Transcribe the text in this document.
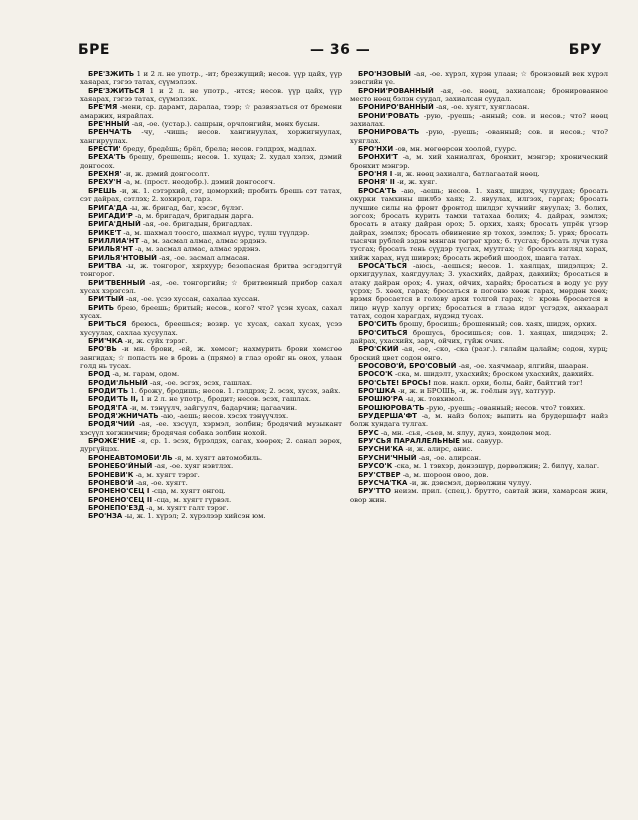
БРЕ	— 36 —	БРУ

БРЕ'ЗЖИТЬ 1 и 2 л. не употр., -ит; брезжущий; несов. үүр цайх, үүр хаяарах, гэгээ татах, сүүмэлзэх.

БРЕ'ЗЖИТЬСЯ 1 и 2 л. не употр., -ится; несов. үүр цайх, үүр хаяарах, гэгээ татах, сүүмэлзэх.

БРЕ'МЯ -мени, ср. дарамт, даралаа, тээр; ☆ развязаться от бремени амаржих, нярайлах.

БРЕ'ННЫЙ -ая, -ое. (устар.). сашрын, орчлонгийн, мөнх бусын.

БРЕНЧА'ТЬ -чу, -чишь; несов. хангинуулах, хоржигнуулах, хангируулах.

БРЕСТИ' бреду, бредёшь; брёл, брела; несов. гэлдрэх, мадлах.

БРЕХА'ТЬ брешу, брешешь; несов. 1. хуцах; 2. худал хэлэх, дэмий донгосох.

БРЕХНЯ' -и, ж. дэмий донгосолт.

БРЕХУ'Н -а, м. (прост. неодобр.). дэмий донгосогч.

БРЕШЬ -и, ж. 1. сэтэрхий, сэт, цоморхий; пробить брешь сэт татах, сэт дайрах, сэтлэх; 2. хохирол, гарз.

БРИГА'ДА -ы, ж. бригад, баг, хэсэг, бүлэг.

БРИГАДИ'Р -а, м. бригадач, бригадын дарга.

БРИГА'ДНЫЙ -ая, -ое. бригадын, бригадлах.

БРИКЕ'Т -а, м. шахмал тоосго, шахмал нүүрс, түлш түүлдэр.

БРИЛЛИА'НТ -а, м. засмал алмас, алмас эрдэнэ.

БРИЛЬЯ'НТ -а, м. засмал алмас, алмас эрдэнэ.

БРИЛЬЯ'НТОВЫЙ -ая, -ое. засмал алмасан.

БРИ'ТВА -ы, ж. тонгорог, хярхуур; безопасная бритва эсгэдэггүй тонгорог.

БРИ'ТВЕННЫЙ -ая, -ое. тонгоргийн; ☆ бритвенный прибор сахал хусах хэрэгсэл.

БРИ'ТЫЙ -ая, -ое. үсээ хуссан, сахалаа хуссан.

БРИТЬ брею, бреешь; бритый; несов., кого? что? үсэн хусах, сахал хусах.

БРИ'ТЬСЯ бреюсь, бреешься; возвр. үс хусах, сахал хусах, үсээ хусуулах, сахлаа хусуулах.

БРИ'ЧКА -и, ж. суйх тэрэг.

БРО'ВЬ -и мн. брови, -ей, ж. хөмсөг; нахмурить брови хөмсгөө зангидах; ☆ попасть не в бровь а (прямо) в глаз оройг нь онох, улаан голд нь тусах.

БРОД -а, м. гарам, одом.

БРОДИ'ЛЬНЫЙ -ая, -ое. эсгэх, эсэх, гашлах.

БРОДИ'ТЬ 1. брожу, бродишь; несов. 1. гэлдрэх; 2. эсэх, хусэх, зайх.

БРОДИ'ТЬ II, 1 и 2 л. не употр., бродит; несов. эсэх, гашлах.

БРОДЯ'ГА -и, м. тэнүүлч, зайгуулч, бадарчин; цагаачин.

БРОДЯ'ЖНИЧАТЬ -аю, -аешь; несов. хэсэх тэнүүчлэх.

БРОДЯ'ЧИЙ -ая, -ее. хэсүүл, хэрмэл, золбин; бродячий музыкант хэсүүл хөгжимчин; бродячая собака золбин нохой.

БРОЖЕ'НИЕ -я, ср. 1. эсэх, бүрэлдэх, сагах, хөөрөх; 2. санал зөрөх, дургүйцэх.

БРОНЕАВТОМОБИ'ЛЬ -я, м. хуягт автомобиль.

БРОНЕБО'ЙНЫЙ -ая, -ое. хуяг нэвтлэх.

БРОНЕВИ'К -а, м. хуягт тэрэг.

БРОНЕВО'Й -ая, -ое. хуягт.

БРОНЕНО'СЕЦ I -сца, м. хуягт онгоц.

БРОНЕНО'СЕЦ II -сца, м. хуягт гүрвэл.

БРОНЕПО'ЕЗД -а, м. хуягт галт тэрэг.

БРО'НЗА -ы, ж. 1. хүрэл; 2. хүрэлээр хийсэн юм.

БРО'НЗОВЫЙ -ая, -ое. хүрэл, хүрэн улаан; ☆ бронзовый век хүрэл зэвсгийн үе.

БРОНИ'РОВАННЫЙ -ая, -ое. нөөц, захиалсан; бронированное место нөөц бэлэн суудал, захиалсан суудал.

БРОНИРО'ВАННЫЙ -ая, -ое. хуягт, хуягласан.

БРОНИ'РОВАТЬ -рую, -руешь; -анный; сов. и несов.; что? нөөц захиалах.

БРОНИРОВА'ТЬ -рую, -руешь; -ованный; сов. и несов.; что? хуяглах.

БРО'НХИ -ов, мн. мөгөөрсөн хоолой, гуурс.

БРОНХИ'Т -а, м. хий ханиалгах, бронхит, мэнгэр; хронический бронхит мэнгэр.

БРО'НЯ I -и, ж. нөөц захиалга, батлагаатай нөөц.

БРОНЯ' II -и, ж. хуяг.

БРОСА'ТЬ -аю, -аешь; несов. 1. хаях, шидэх, чулуудах; бросать окурки тамхины шилбэ хаях; 2. явуулах, илгээх, гаргах; бросать лучшие силы на фронт фронтод шилдэг хүчнийг явуулах; 3. болих, зогсох; бросать курить тамхи татахаа болих; 4. дайрах, эзмлэх; бросать в атаку дайран орох; 5. орхих, хаях; бросать упрёк үгээр дайрах, зэмлэх; бросать обвинение яр тохох, зэмлэх; 5. урвх; бросать тысячи рублей зэдэн мянган төгрөг хрэх; 6. тусгах; бросать лучи туяа тусгах; бросать тень сүүдэр тусгах, муутгах; ☆ бросать взгляд харах, хийж харах, нүд шиврэх; бросать жребий шоодох, шавга татах.

БРОСА'ТЬСЯ -аюсь, -аешься; несов. 1. хаялцах, шидэлцэх; 2. орхигдуулах, хаягдуулах; 3. ухасхийх, дайрах, давхийх; бросаться в атаку дайран орох; 4. унах, ойчих, харайх; бросаться в воду ус руу үсрэх; 5. хөөх, гарах; бросаться в погоню хөөж гарах, мөрдөн хөөх; врэмя бросается в голову архи толгой гарах; ☆ кровь бросается в лицо нүүр халуу оргих; бросаться в глаза идэг үсгэдэх, анхаарал татах, содон харагдах, нүдэнд тусах.

БРО'СИТЬ брошу, бросишь; брошенный; сов. хаях, шидэх, орхих.

БРО'СИТЬСЯ брошусь, бросишься; сов. 1. хаяцах, шидэцэх; 2. дайрах, ухасхийх, зарч, ойчих, гүйж очих.

БРО'СКИЙ -ая, -ое, -ско, -ска (разг.). гялайм цалайм; содон, хурц; броский цвет содон өнгө.

БРОСОВО'Й, БРО'СОВЫЙ -ая, -ое. хаячмаар, ялгийн, шааран.

БРОСО'К -ска, м. шидэлт, ухасхийх; броском ухасхийх, давхийх.

БРО'СЬТЕ! БРОСЬ! пов. накл. орхи, болы, байг, байтгий тэг!

БРО'ШКА -и, ж. и БРОШЬ, -и, ж. гоёлын зүү, хатгуур.

БРОШЮ'РА -ы, ж. товхимол.

БРОШЮРОВА'ТЬ -рую, -руешь; -ованный; несов. что? товхих.

БРУДЕРША'ФТ -а, м. найз болох; выпить на брудершафт найз болж хундага тулгах.

БРУС -а, мн. -сья, -сьев, м. ялуу, дунз, хөндөлөн мод.

БРУ'СЬЯ ПАРАЛЛЕЛЬНЫЕ мн. савуур.

БРУСНИ'КА -и, ж. алирс, анис.

БРУСНИ'ЧНЫЙ -ая, -ое. алирсан.

БРУСО'К -ска, м. 1 тэвхэр, дөнзэшүр, дөрвөлжин; 2. билүү, халаг.

БРУ'СТВЕР -а, м. шороон овоо, дов.

БРУСЧА'ТКА -и, ж. дэвсмэл, дөрвөлжин чулуу.

БРУ'ТТО неизм. прил. (спец.). брутто, савтай жин, хамарсан жин, овор жин.
